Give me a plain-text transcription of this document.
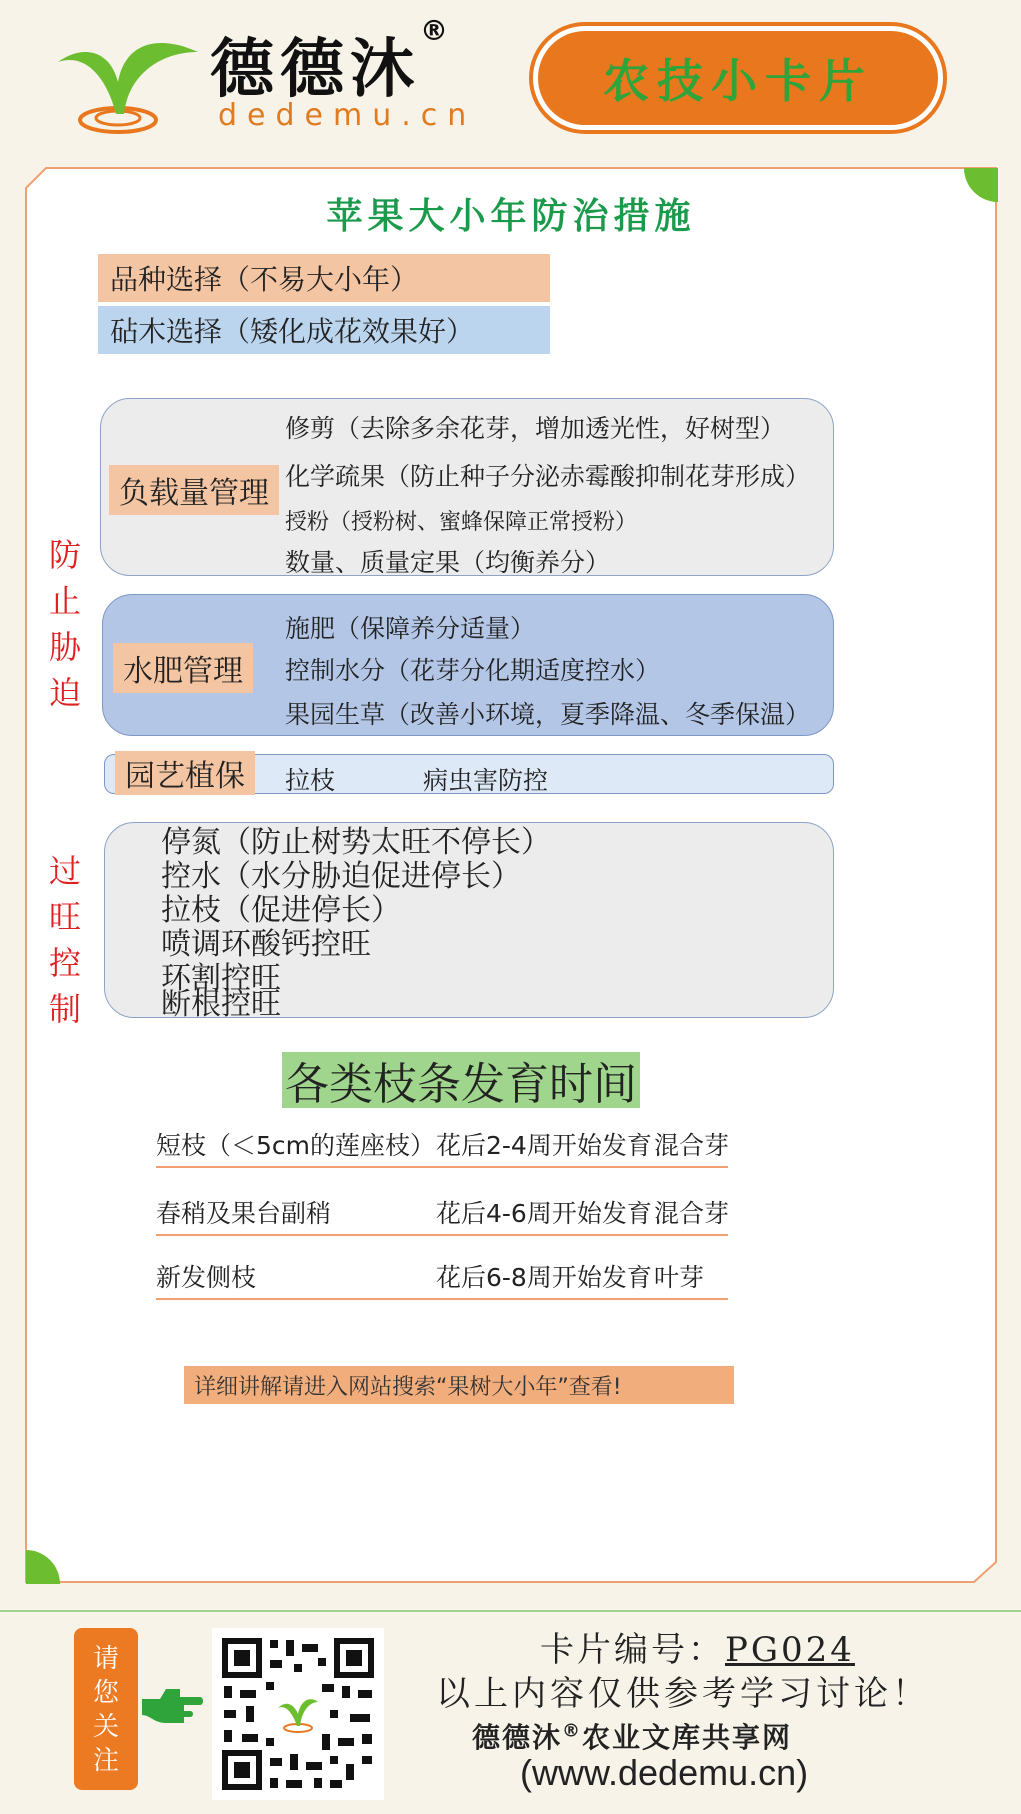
德德沐®
dedemu.cn
农技小卡片
苹果大小年防治措施
品种选择（不易大小年）
砧木选择（矮化成花效果好）
防
止
胁
迫
负载量管理
修剪（去除多余花芽，增加透光性，好树型）
化学疏果（防止种子分泌赤霉酸抑制花芽形成）
授粉（授粉树、蜜蜂保障正常授粉）
数量、质量定果（均衡养分）
水肥管理
施肥（保障养分适量）
控制水分（花芽分化期适度控水）
果园生草（改善小环境，夏季降温、冬季保温）
园艺植保	拉枝	病虫害防控
过
旺
控
制
停氮（防止树势太旺不停长）
控水（水分胁迫促进停长）
拉枝（促进停长）
喷调环酸钙控旺
环割控旺
断根控旺
各类枝条发育时间
短枝（＜5cm的莲座枝） 花后2-4周开始发育 混合芽
春稍及果台副稍	花后4-6周开始发育 混合芽
新发侧枝	花后6-8周开始发育 叶芽
详细讲解请进入网站搜索“果树大小年”查看!
请
您
关
注
卡片编号：PG024
以上内容仅供参考学习讨论！
德德沐®农业文库共享网
(www.dedemu.cn)
